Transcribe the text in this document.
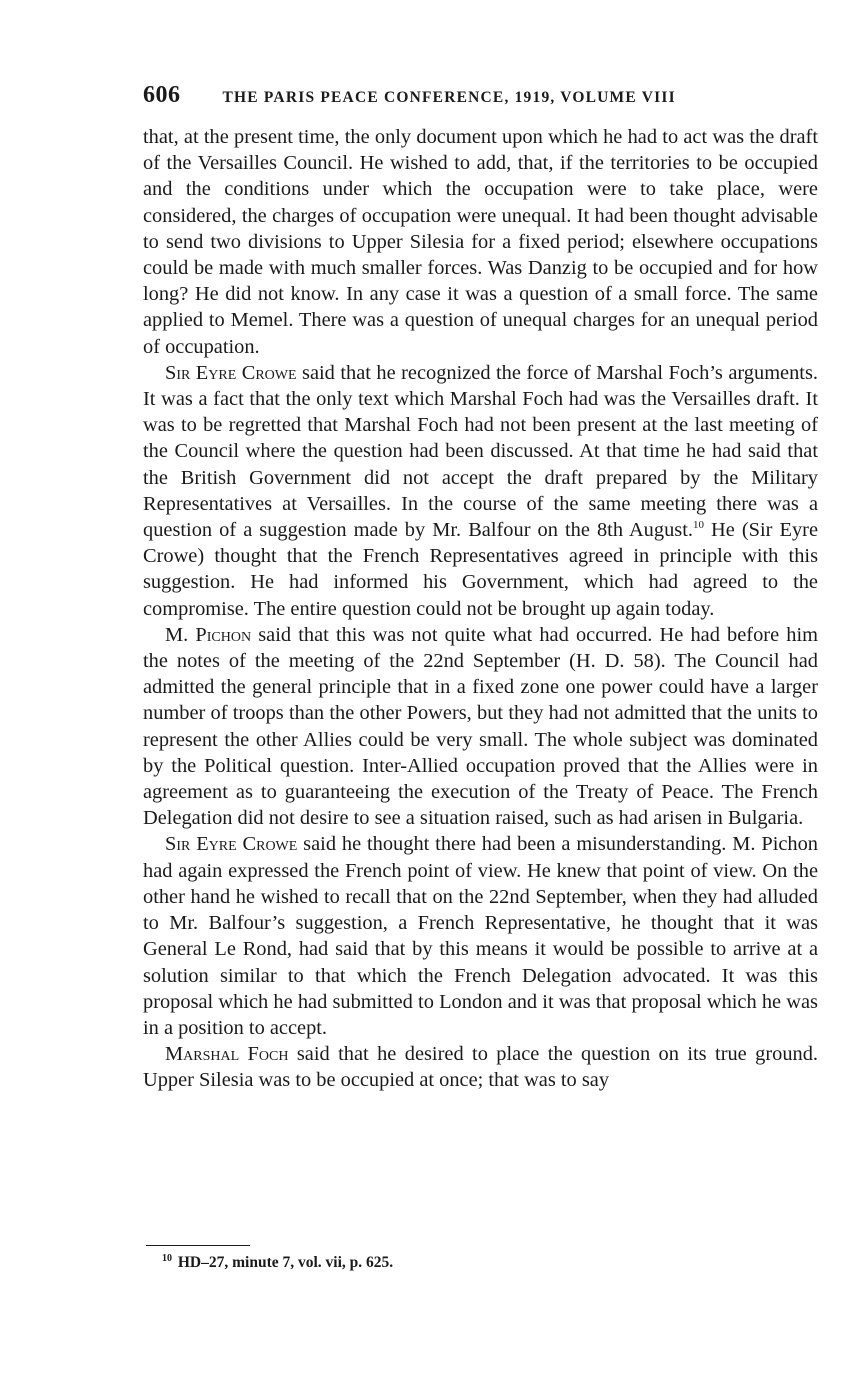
606	THE PARIS PEACE CONFERENCE, 1919, VOLUME VIII

that, at the present time, the only document upon which he had to act was the draft of the Versailles Council. He wished to add, that, if the territories to be occupied and the conditions under which the occupation were to take place, were considered, the charges of occupation were unequal. It had been thought advisable to send two divisions to Upper Silesia for a fixed period; elsewhere occupations could be made with much smaller forces. Was Danzig to be occupied and for how long? He did not know. In any case it was a question of a small force. The same applied to Memel. There was a question of unequal charges for an unequal period of occupation.

Sir Eyre Crowe said that he recognized the force of Marshal Foch’s arguments. It was a fact that the only text which Marshal Foch had was the Versailles draft. It was to be regretted that Marshal Foch had not been present at the last meeting of the Council where the question had been discussed. At that time he had said that the British Government did not accept the draft prepared by the Military Representatives at Versailles. In the course of the same meeting there was a question of a suggestion made by Mr. Balfour on the 8th August.$^{10}$ He (Sir Eyre Crowe) thought that the French Representatives agreed in principle with this suggestion. He had informed his Government, which had agreed to the compromise. The entire question could not be brought up again today.

M. Pichon said that this was not quite what had occurred. He had before him the notes of the meeting of the 22nd September (H. D. 58). The Council had admitted the general principle that in a fixed zone one power could have a larger number of troops than the other Powers, but they had not admitted that the units to represent the other Allies could be very small. The whole subject was dominated by the Political question. Inter-Allied occupation proved that the Allies were in agreement as to guaranteeing the execution of the Treaty of Peace. The French Delegation did not desire to see a situation raised, such as had arisen in Bulgaria.

Sir Eyre Crowe said he thought there had been a misunderstanding. M. Pichon had again expressed the French point of view. He knew that point of view. On the other hand he wished to recall that on the 22nd September, when they had alluded to Mr. Balfour’s suggestion, a French Representative, he thought that it was General Le Rond, had said that by this means it would be possible to arrive at a solution similar to that which the French Delegation advocated. It was this proposal which he had submitted to London and it was that proposal which he was in a position to accept.

Marshal Foch said that he desired to place the question on its true ground. Upper Silesia was to be occupied at once; that was to say

$^{10}$ HD–27, minute 7, vol. vii, p. 625.
